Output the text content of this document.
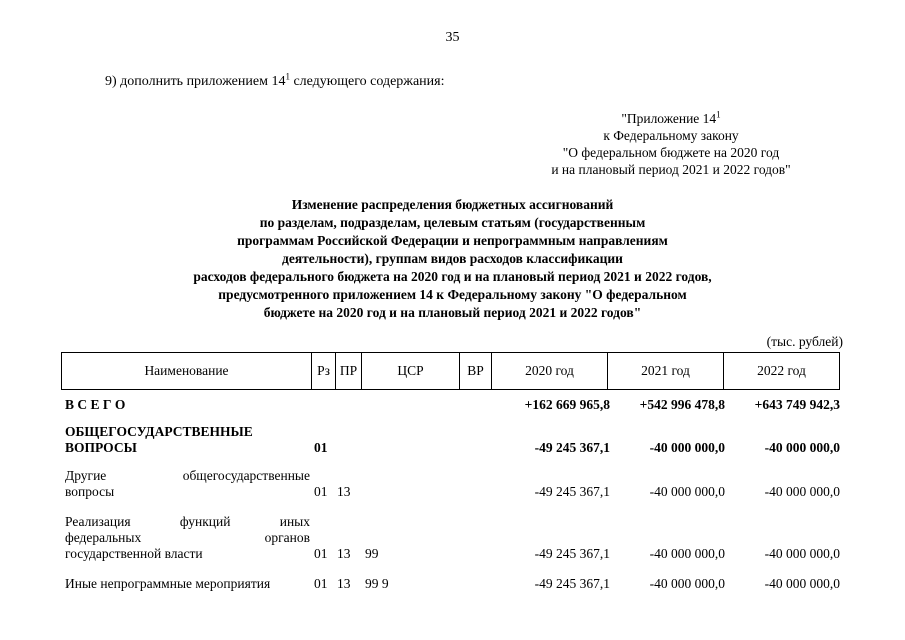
35
9) дополнить приложением $14^1$ следующего содержания:
"Приложение $14^1$
к Федеральному закону
"О федеральном бюджете на 2020 год
и на плановый период 2021 и 2022 годов"
Изменение распределения бюджетных ассигнований
по разделам, подразделам, целевым статьям (государственным
программам Российской Федерации и непрограммным направлениям
деятельности), группам видов расходов классификации
расходов федерального бюджета на 2020 год и на плановый период 2021 и 2022 годов,
предусмотренного приложением 14 к Федеральному закону "О федеральном
бюджете на 2020 год и на плановый период 2021 и 2022 годов"
(тыс. рублей)
Наименование	Рз ПР	ЦСР	ВР	2020 год	2021 год	2022 год
В С Е Г О	+162 669 965,8	+542 996 478,8	+643 749 942,3
ОБЩЕГОСУДАРСТВЕННЫЕ
ВОПРОСЫ	01	-49 245 367,1	-40 000 000,0	-40 000 000,0
Другие общегосударственные
вопросы	01 13	-49 245 367,1	-40 000 000,0	-40 000 000,0
Реализация функций иных
федеральных органов
государственной власти	01 13 99	-49 245 367,1	-40 000 000,0	-40 000 000,0
Иные непрограммные мероприятия	01 13 99 9	-49 245 367,1	-40 000 000,0	-40 000 000,0
